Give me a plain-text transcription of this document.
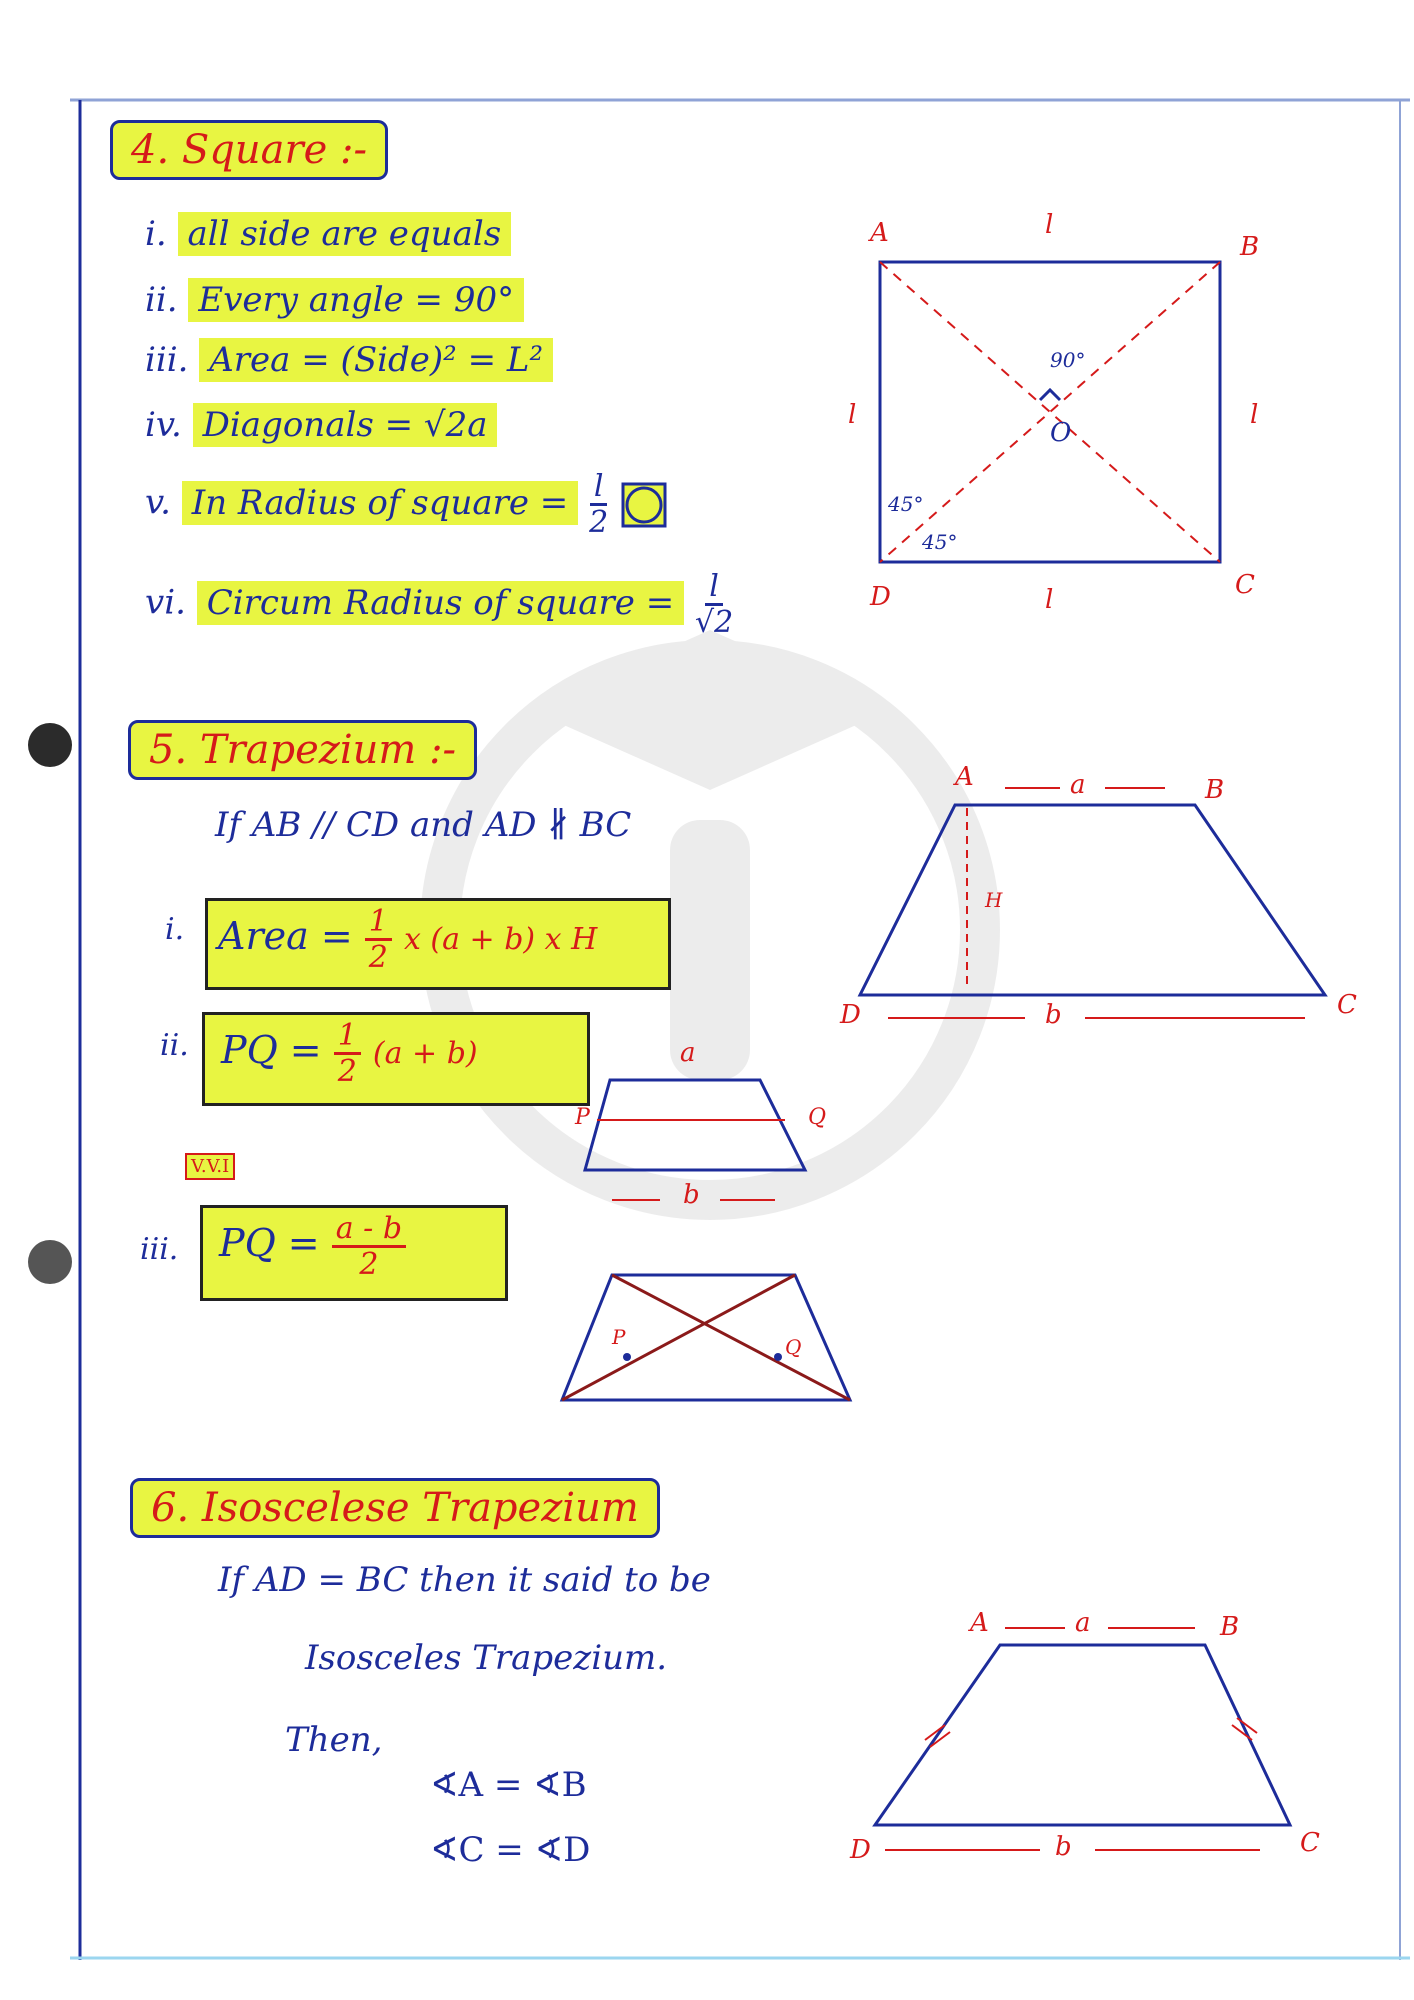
4. Square :-
i. all side are equals
ii. Every angle = 90°
iii. Area = (Side)² = L²
iv. Diagonals = √2a
v. In Radius of square = $\frac{l}{2}$

vi. Circum Radius of square = $\frac{l}{√2}$
A	B
C
D
O
l
l	l
l
90°
45°
45°
5. Trapezium :-
If AB // CD and AD ∦ BC
i. Area = $\frac{1}{2}$ x (a + b) x H
ii. PQ = $\frac{1}{2} (a + b)$
V.V.I
iii.	PQ = $\frac{a - b}{2}$
A	B
C
D
a
b
H
a
b
P	Q
P	Q
6. Isoscelese Trapezium
If AD = BC then it said to be
Isosceles Trapezium.
Then,
∢A = ∢B
∢C = ∢D
A	B
C
D
a
b
